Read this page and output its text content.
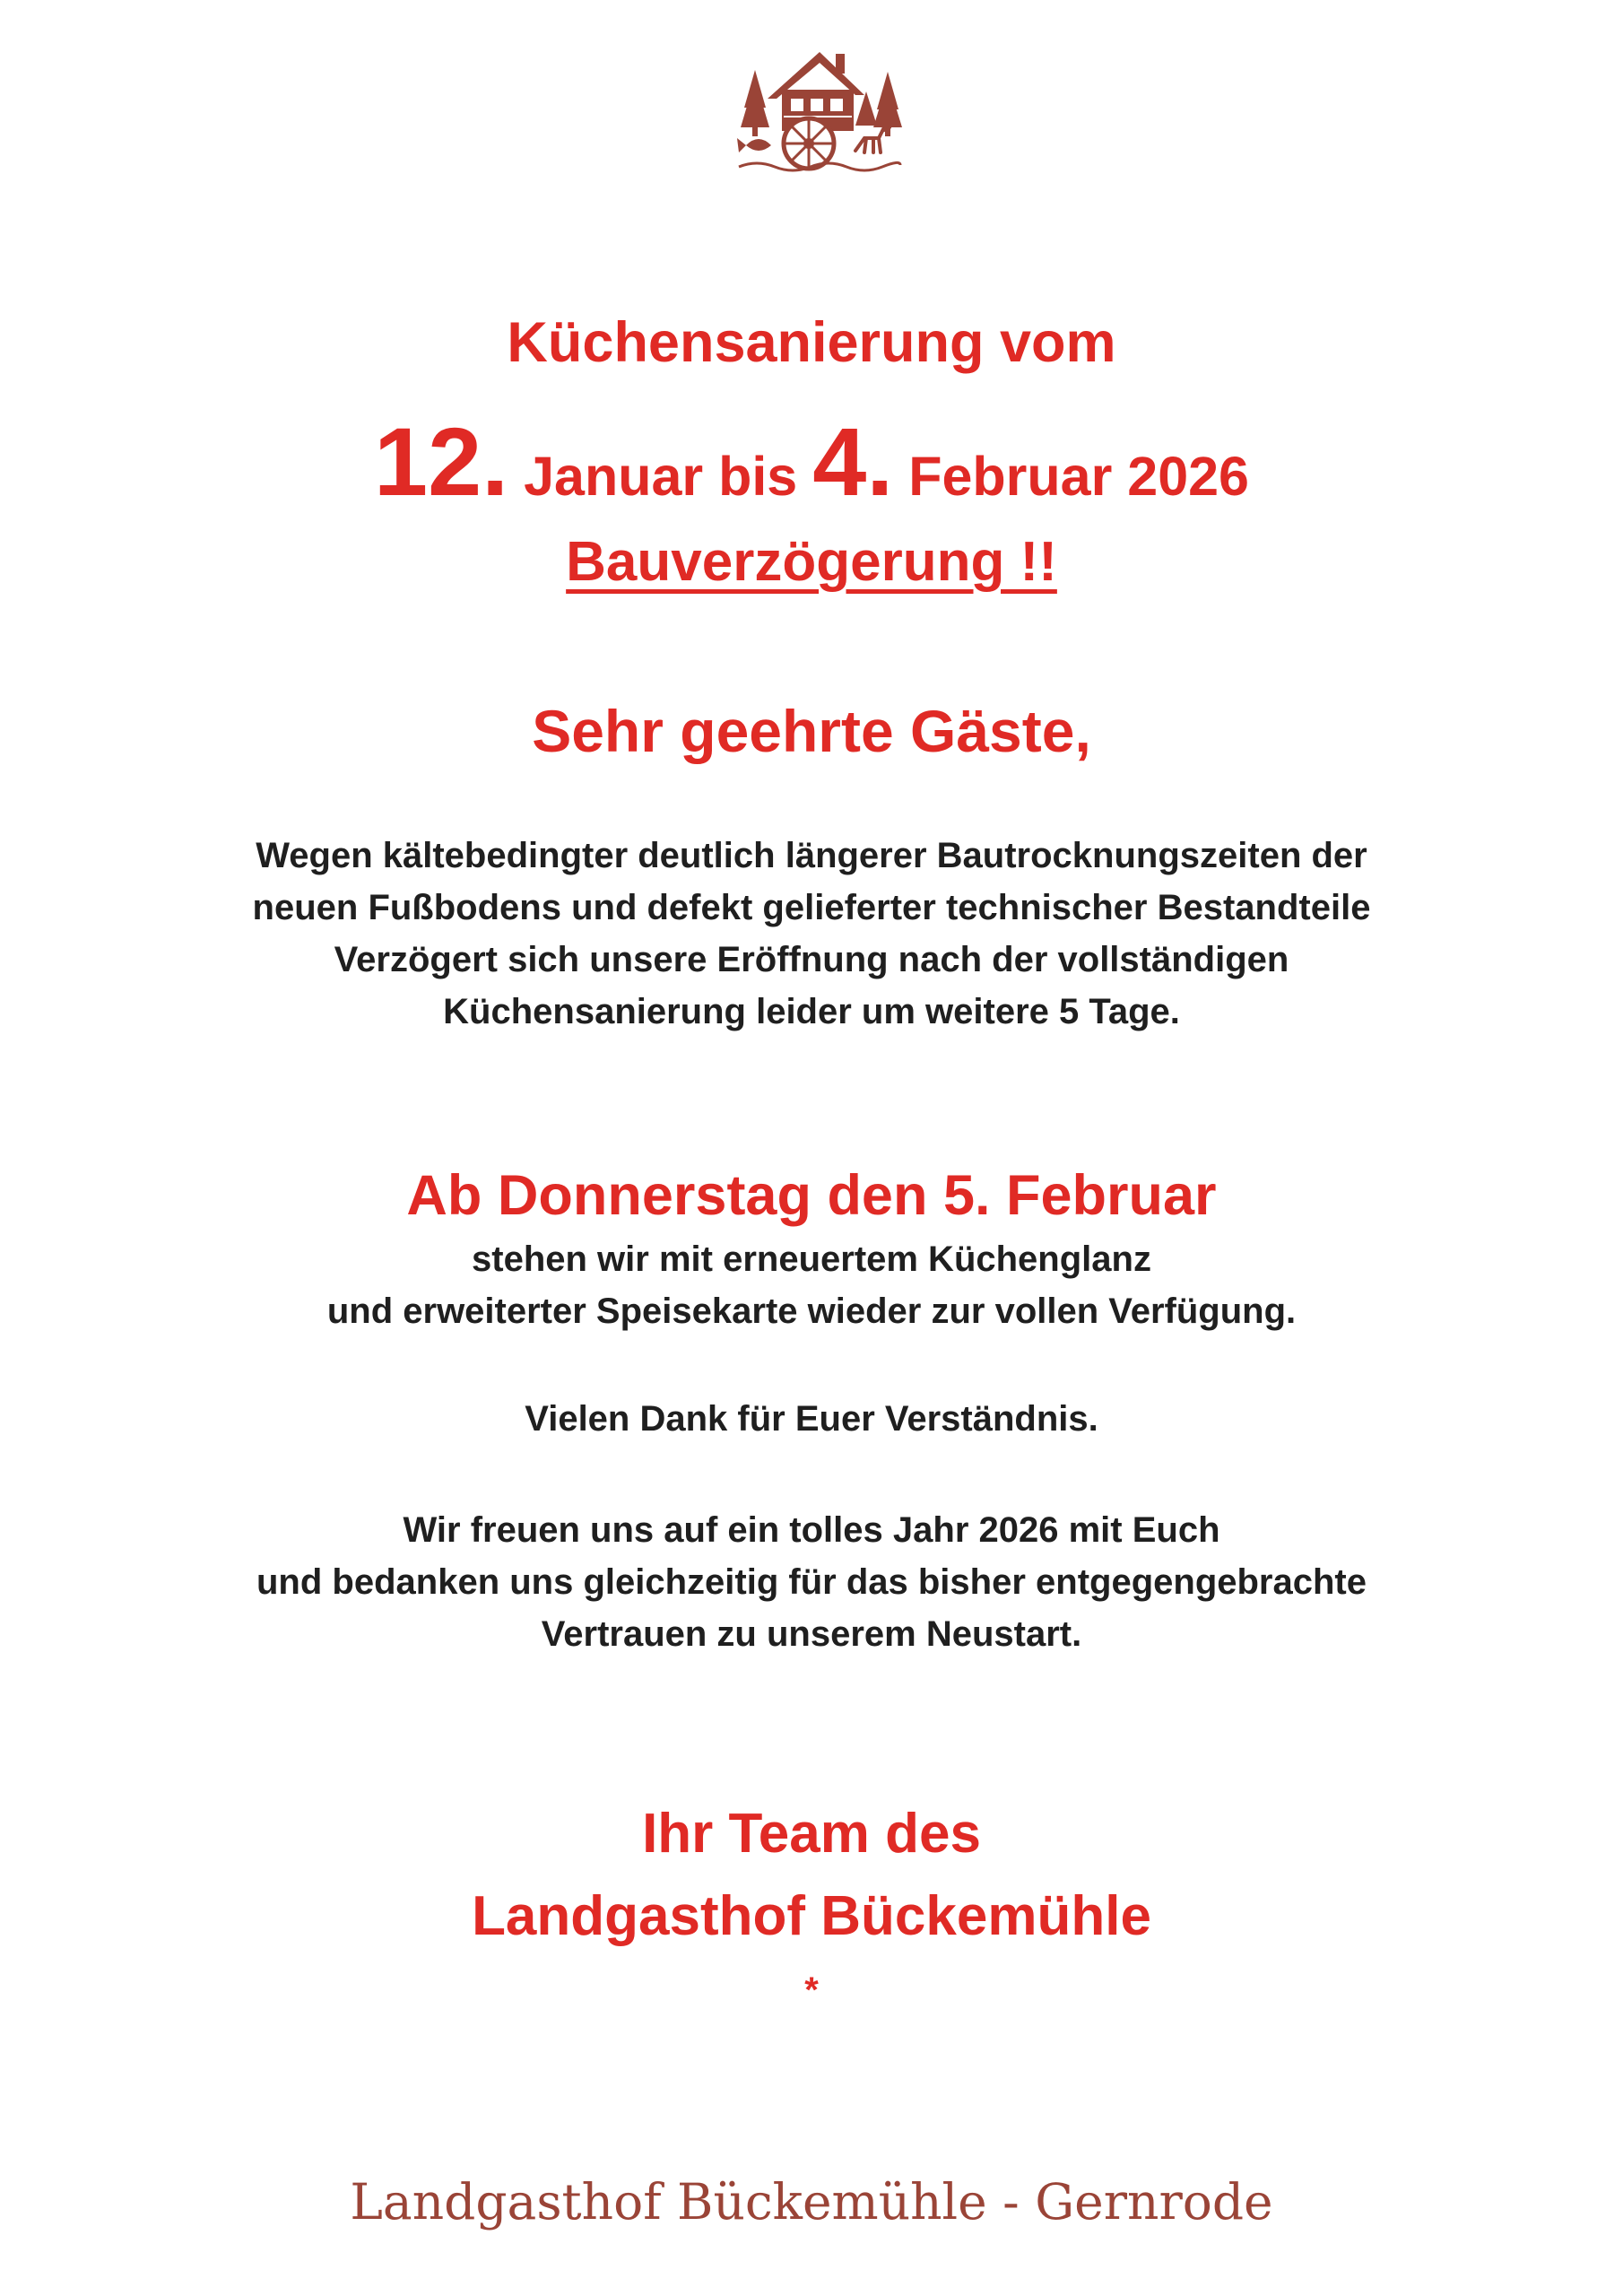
Küchensanierung vom
12. Januar bis 4. Februar 2026
Bauverzögerung !!
Sehr geehrte Gäste,
Wegen kältebedingter deutlich längerer Bautrocknungszeiten der
neuen Fußbodens und defekt gelieferter technischer Bestandteile
Verzögert sich unsere Eröffnung nach der vollständigen
Küchensanierung leider um weitere 5 Tage.
Ab Donnerstag den 5. Februar
stehen wir mit erneuertem Küchenglanz
und erweiterter Speisekarte wieder zur vollen Verfügung.
Vielen Dank für Euer Verständnis.
Wir freuen uns auf ein tolles Jahr 2026 mit Euch
und bedanken uns gleichzeitig für das bisher entgegengebrachte
Vertrauen zu unserem Neustart.
Ihr Team des
Landgasthof Bückemühle
*
Landgasthof Bückemühle - Gernrode
